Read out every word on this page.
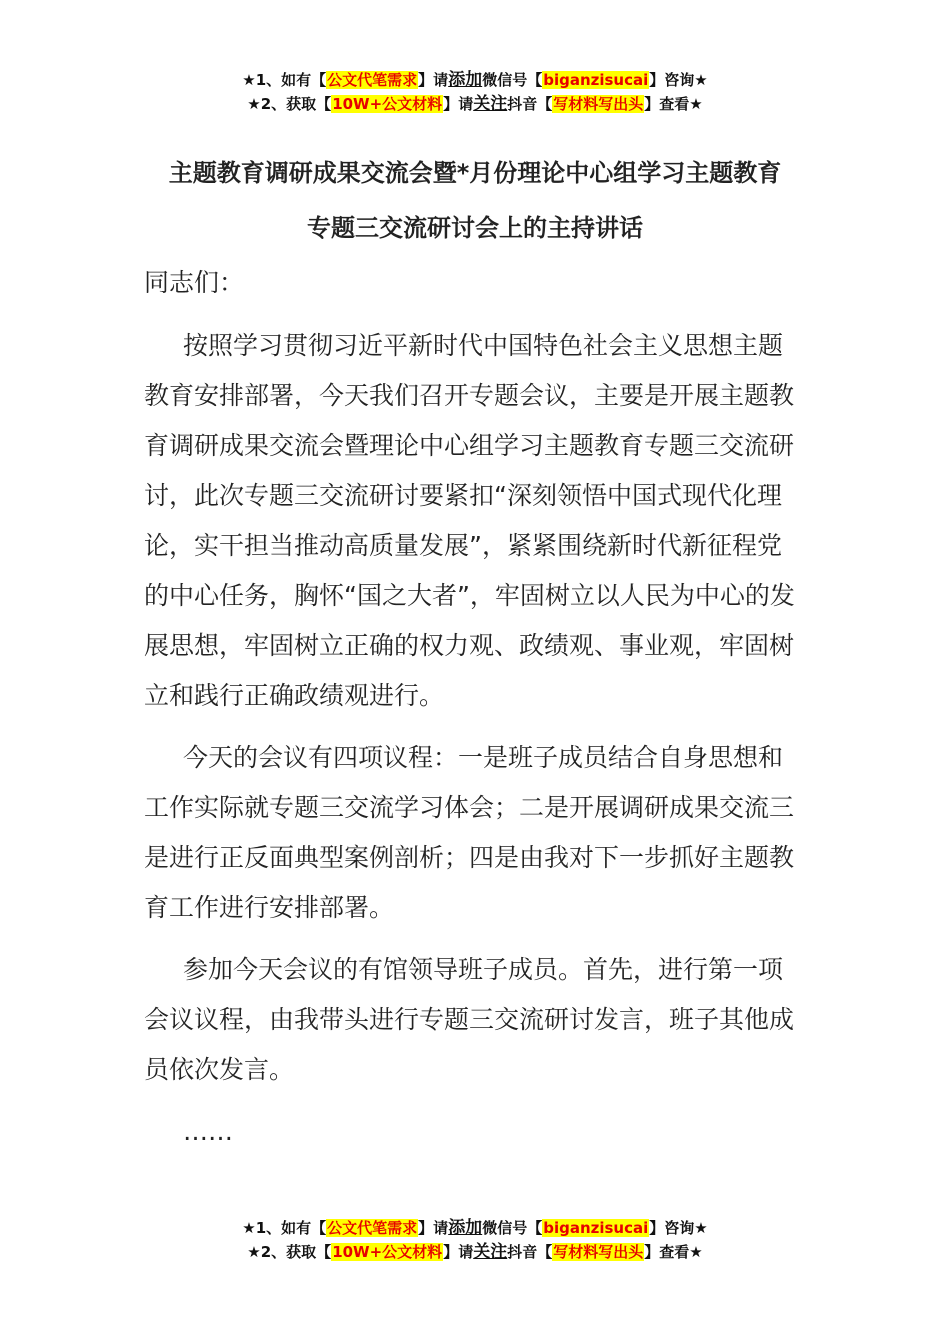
★1、如有【公文代笔需求】请添加微信号【biganzisucai】咨询★
★2、获取【10W+公文材料】请关注抖音【写材料写出头】查看★
主题教育调研成果交流会暨*月份理论中心组学习主题教育
专题三交流研讨会上的主持讲话

同志们：

按照学习贯彻习近平新时代中国特色社会主义思想主题教育安排部署，今天我们召开专题会议，主要是开展主题教育调研成果交流会暨理论中心组学习主题教育专题三交流研讨，此次专题三交流研讨要紧扣“深刻领悟中国式现代化理论，实干担当推动高质量发展”，紧紧围绕新时代新征程党的中心任务，胸怀“国之大者”，牢固树立以人民为中心的发展思想，牢固树立正确的权力观、政绩观、事业观，牢固树立和践行正确政绩观进行。

今天的会议有四项议程：一是班子成员结合自身思想和工作实际就专题三交流学习体会；二是开展调研成果交流三是进行正反面典型案例剖析；四是由我对下一步抓好主题教育工作进行安排部署。

参加今天会议的有馆领导班子成员。首先，进行第一项会议议程，由我带头进行专题三交流研讨发言，班子其他成员依次发言。

……

★1、如有【公文代笔需求】请添加微信号【biganzisucai】咨询★
★2、获取【10W+公文材料】请关注抖音【写材料写出头】查看★
